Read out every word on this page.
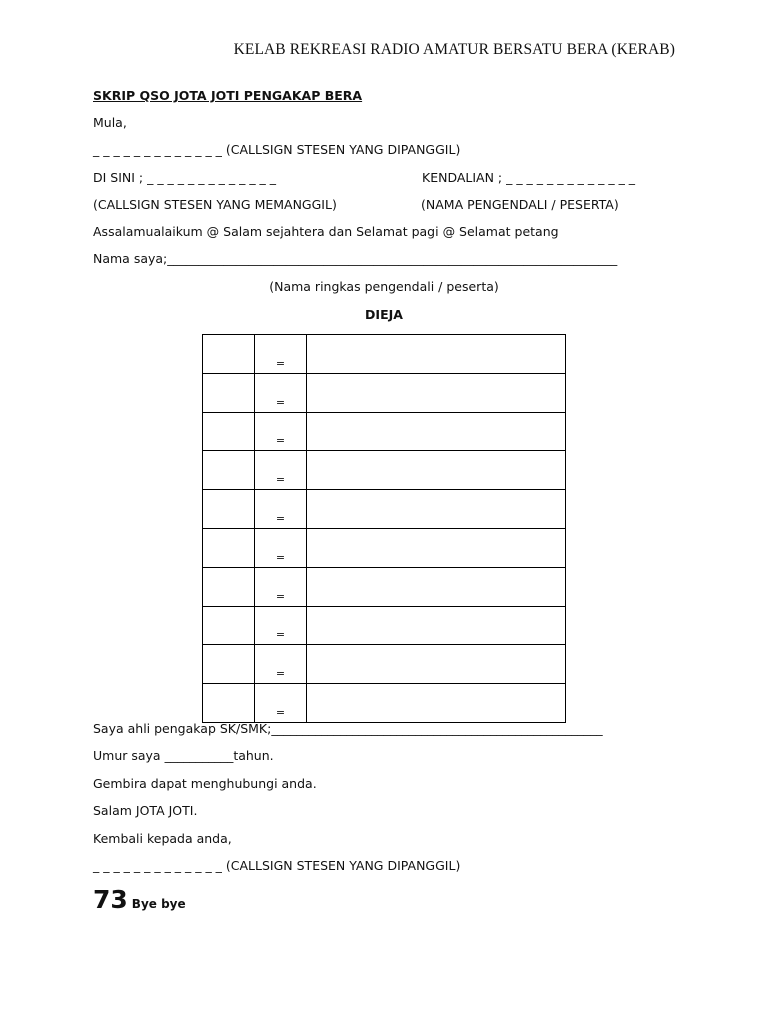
KELAB REKREASI RADIO AMATUR BERSATU BERA (KERAB)
SKRIP QSO JOTA JOTI PENGAKAP BERA
Mula,
_ _ _ _ _ _ _ _ _ _ _ _ _ (CALLSIGN STESEN YANG DIPANGGIL)
DI SINI ; _ _ _ _ _ _ _ _ _ _ _ _ _	KENDALIAN ; _ _ _ _ _ _ _ _ _ _ _ _ _
(CALLSIGN STESEN YANG MEMANGGIL)	(NAMA PENGENDALI / PESERTA)
Assalamualaikum @ Salam sejahtera dan Selamat pagi @ Selamat petang
Nama saya;________________________________________________________________________
(Nama ringkas pengendali / peserta)
DIEJA
	=	
	=	
	=	
	=	
	=	
	=	
	=	
	=	
	=	
	=	
Saya ahli pengakap SK/SMK;_____________________________________________________
Umur saya ___________tahun.
Gembira dapat menghubungi anda.
Salam JOTA JOTI.
Kembali kepada anda,
_ _ _ _ _ _ _ _ _ _ _ _ _ (CALLSIGN STESEN YANG DIPANGGIL)
73 Bye bye
